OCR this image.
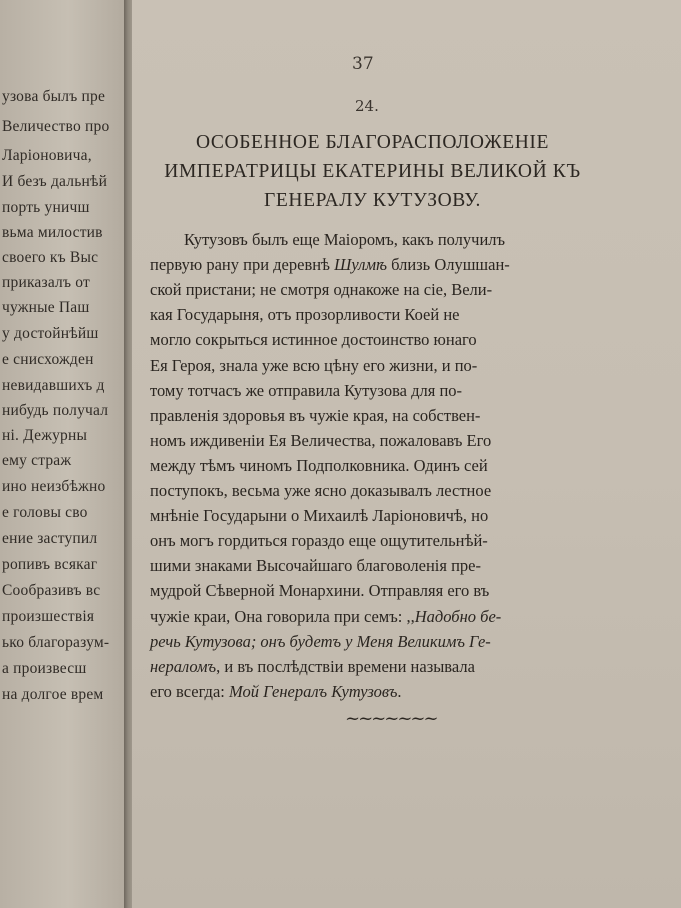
узова былъ пре
Величество про
Ларіоновича,
И безъ дальнѣй
порть уничш
вьма милостив
своего къ Выс
приказалъ от
чужные Паш
у достойнѣйш
е снисхожден
невидавшихъ д
нибудь получал
ні. Дежурны
ему страж
ино неизбѣжно
е головы сво
ение заступил
ропивъ всякаг
Сообразивъ вс
произшествія
ько благоразум-
а произвесш
на долгое врем
37
24.
ОСОБЕННОЕ БЛАГОРАСПОЛОЖЕНІЕ ИМПЕРАТРИЦЫ ЕКАТЕРИНЫ ВЕЛИКОЙ КЪ ГЕНЕРАЛУ КУТУЗОВУ.
Кутузовъ былъ еще Маіоромъ, какъ получилъ
первую рану при деревнѣ Шулмѣ близь Олушшан-
ской пристани; не смотря однакоже на сіе, Вели-
кая Государыня, отъ прозорливости Коей не
могло сокрыться истинное достоинство юнаго
Ея Героя, знала уже всю цѣну его жизни, и по-
тому тотчасъ же отправила Кутузова для по-
правленія здоровья въ чужіе края, на собствен-
номъ иждивеніи Ея Величества, пожаловавъ Его
между тѣмъ чиномъ Подполковника. Одинъ сей
поступокъ, весьма уже ясно доказывалъ лестное
мнѣніе Государыни о Михаилѣ Ларіоновичѣ, но
онъ могъ гордиться гораздо еще ощутительнѣй-
шими знаками Высочайшаго благоволенія пре-
мудрой Сѣверной Монархини. Отправляя его въ
чужіе краи, Она говорила при семъ: ,,Надобно бе-
речь Кутузова; онъ будетъ у Меня Великимъ Ге-
нераломъ, и въ послѣдствіи времени называла
его всегда: Мой Генералъ Кутузовъ.
~~~~~~~
